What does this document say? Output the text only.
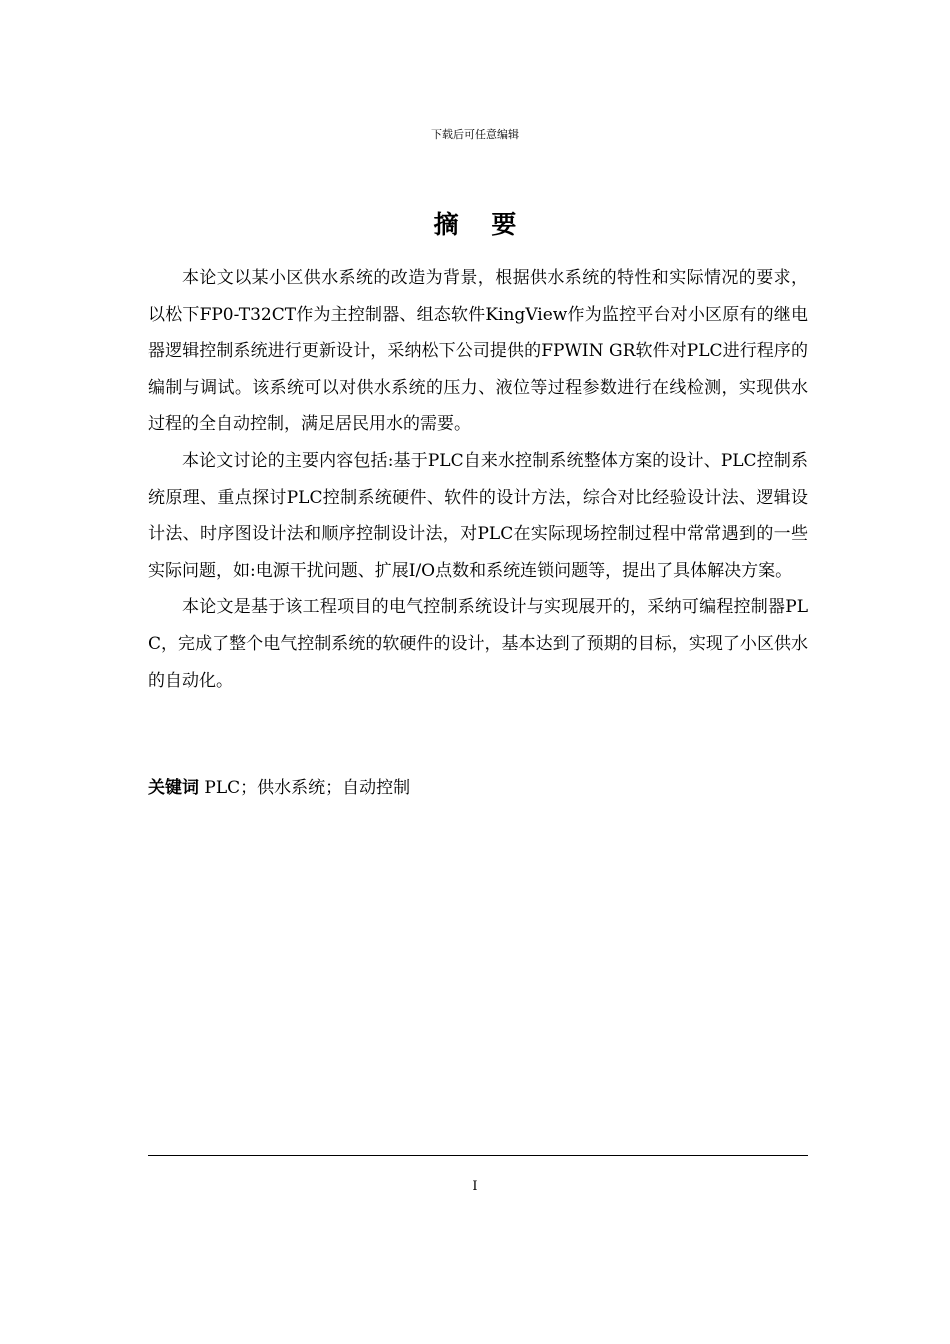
下载后可任意编辑
摘 要

本论文以某小区供水系统的改造为背景，根据供水系统的特性和实际情况的要求，以松下FP0-T32CT作为主控制器、组态软件KingView作为监控平台对小区原有的继电器逻辑控制系统进行更新设计，采纳松下公司提供的FPWIN GR软件对PLC进行程序的编制与调试。该系统可以对供水系统的压力、液位等过程参数进行在线检测，实现供水过程的全自动控制，满足居民用水的需要。

本论文讨论的主要内容包括:基于PLC自来水控制系统整体方案的设计、PLC控制系统原理、重点探讨PLC控制系统硬件、软件的设计方法，综合对比经验设计法、逻辑设计法、时序图设计法和顺序控制设计法，对PLC在实际现场控制过程中常常遇到的一些实际问题，如:电源干扰问题、扩展I/O点数和系统连锁问题等，提出了具体解决方案。

本论文是基于该工程项目的电气控制系统设计与实现展开的，采纳可编程控制器PLC，完成了整个电气控制系统的软硬件的设计，基本达到了预期的目标，实现了小区供水的自动化。

关键词 PLC；供水系统；自动控制
I
